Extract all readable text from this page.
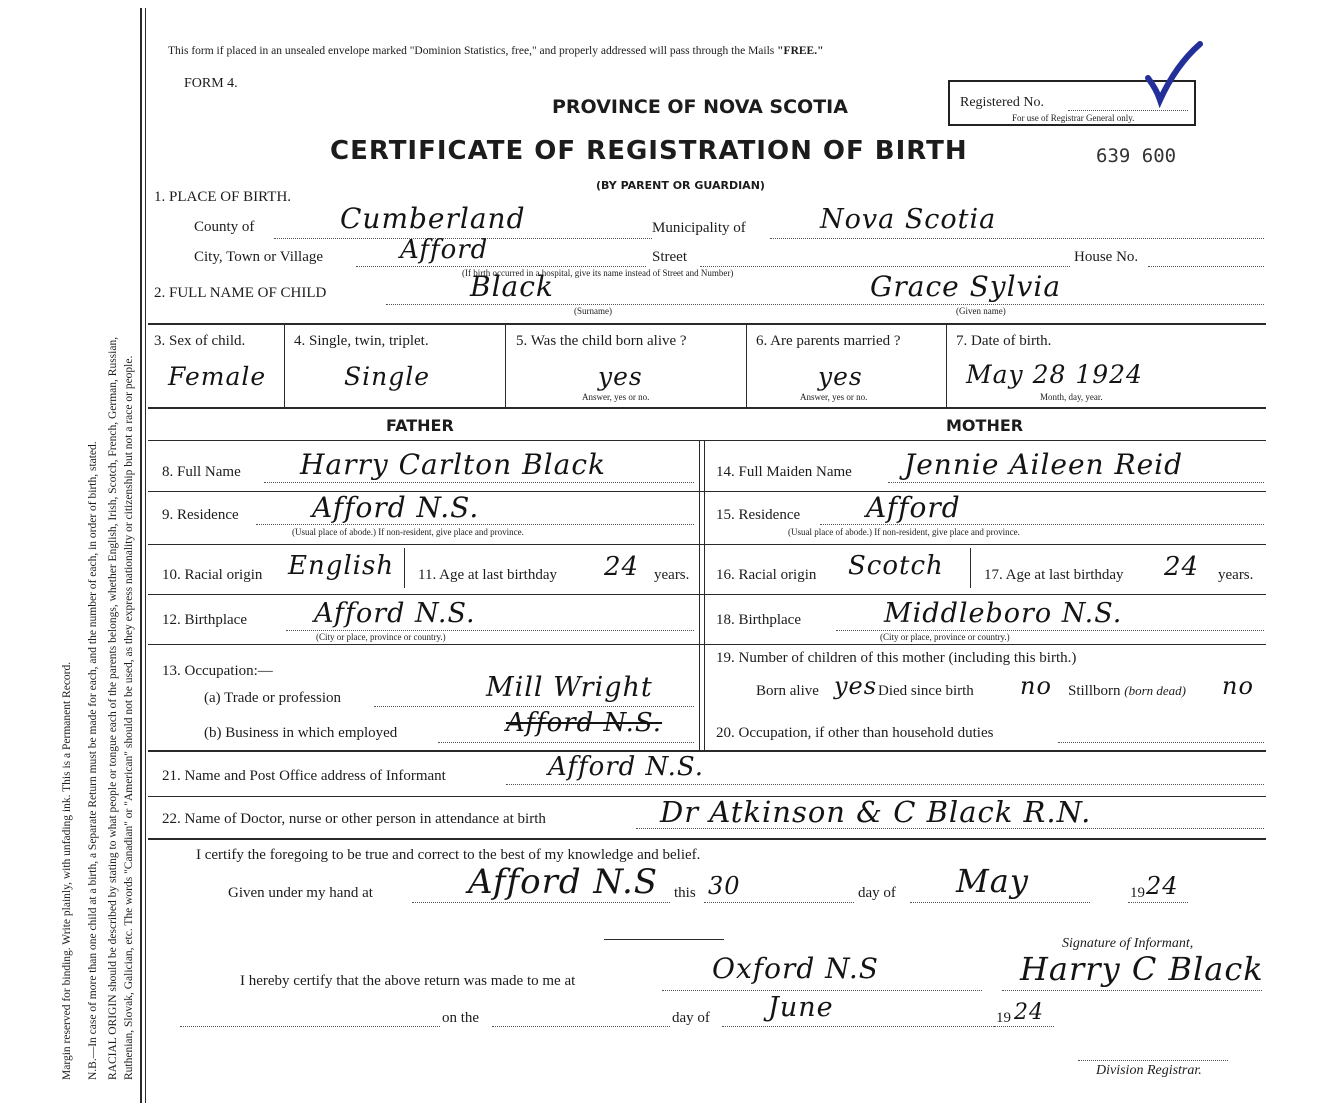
Margin reserved for binding. Write plainly, with unfading ink. This is a Permanent Record. N.B.—In case of more than one child at a birth, a Separate Return must be made for each, and the number of each, in order of birth, stated. RACIAL ORIGIN should be described by stating to what people or tongue each of the parents belongs, whether English, Irish, Scotch, French, German, Russian, Ruthenian, Slovak, Galician, etc. The words "Canadian" or "American" should not be used, as they express nationality or citizenship but not a race or people.
This form if placed in an unsealed envelope marked "Dominion Statistics, free," and properly addressed will pass through the Mails "FREE."
FORM 4.
PROVINCE OF NOVA SCOTIA	Registered No.
For use of Registrar General only.
CERTIFICATE OF REGISTRATION OF BIRTH	639 600
(BY PARENT OR GUARDIAN)
1. PLACE OF BIRTH.
County of	Cumberland	Municipality of	Nova Scotia
City, Town or Village	Afford	Street	House No.
(If birth occurred in a hospital, give its name instead of Street and Number)
2. FULL NAME OF CHILD	Black	Grace Sylvia
(Surname)	(Given name)
3. Sex of child.
Female
4. Single, twin, triplet.
Single
5. Was the child born alive ?
yes
Answer, yes or no.
6. Are parents married ?
yes
Answer, yes or no.
7. Date of birth.
May 28 1924
Month, day, year.
FATHER	MOTHER
8. Full Name Harry Carlton Black
9. Residence	Afford N.S.
(Usual place of abode.) If non-resident, give place and province.
10. Racial origin English 11. Age at last birthday 24 years.
12. Birthplace Afford N.S.
(City or place, province or country.)
13. Occupation:—
(a) Trade or profession	Mill Wright
(b) Business in which employed	Afford N.S.
14. Full Maiden Name Jennie Aileen Reid
15. Residence Afford
(Usual place of abode.) If non-resident, give place and province.
16. Racial origin Scotch	17. Age at last birthday 24 years.
18. Birthplace	Middleboro N.S.
(City or place, province or country.)
19. Number of children of this mother (including this birth.)
Born alive yes Died since birth no Stillborn (born dead) no
20. Occupation, if other than household duties
21. Name and Post Office address of Informant	Afford N.S.
22. Name of Doctor, nurse or other person in attendance at birth	Dr Atkinson & C Black R.N.
I certify the foregoing to be true and correct to the best of my knowledge and belief.
Given under my hand at	Afford N.S this 30	day of May	19 24
Signature of Informant,
I hereby certify that the above return was made to me at	Oxford N.S	Harry C Black
on the	day of June	19 24
Division Registrar.
